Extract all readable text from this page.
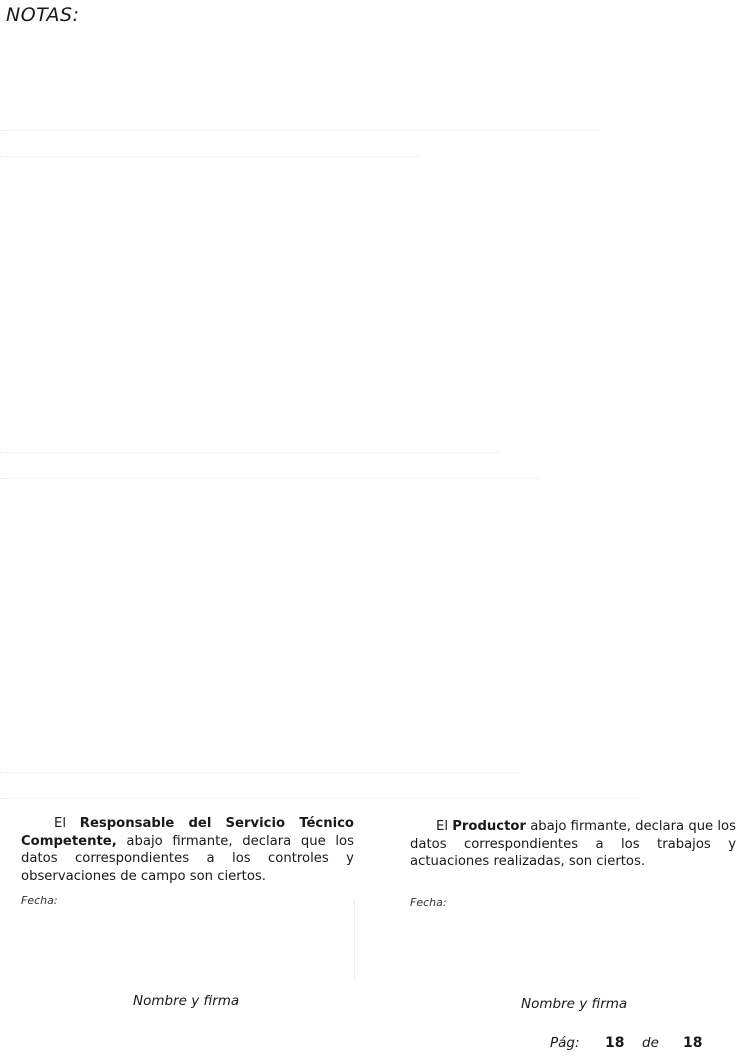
NOTAS:
El Responsable del Servicio Técnico Competente, abajo firmante, declara que los datos correspondientes a los controles y observaciones de campo son ciertos.
El Productor abajo firmante, declara que los datos correspondientes a los trabajos y actuaciones realizadas, son ciertos.
Fecha:	Fecha:
Nombre y firma	Nombre y firma
Pág: 18 de 18
